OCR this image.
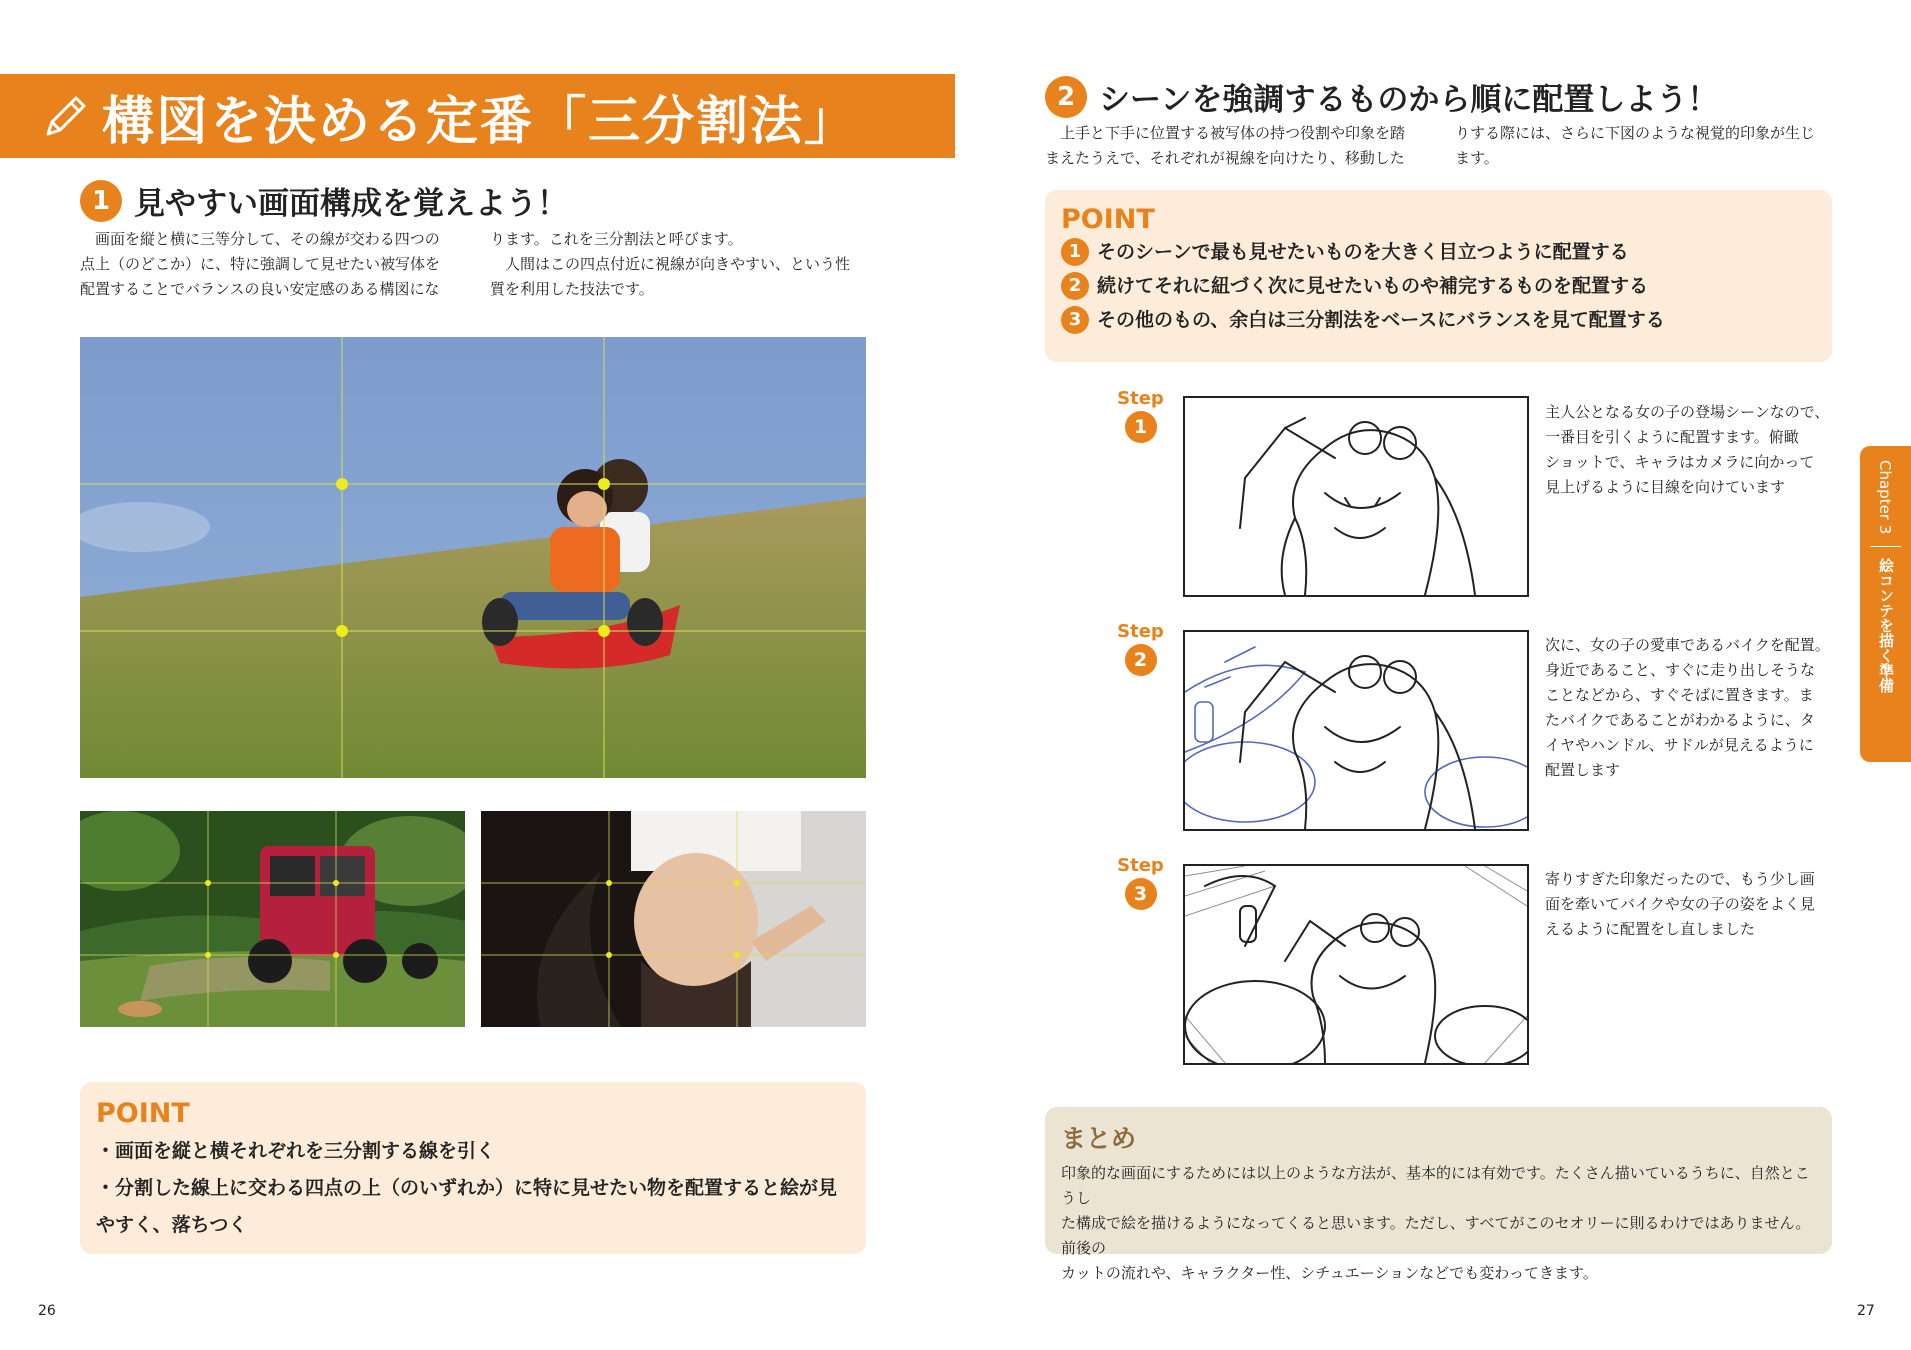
構図を決める定番「三分割法」
1 見やすい画面構成を覚えよう！
画面を縦と横に三等分して、その線が交わる四つの
点上（のどこか）に、特に強調して見せたい被写体を
配置することでバランスの良い安定感のある構図にな
ります。これを三分割法と呼びます。
人間はこの四点付近に視線が向きやすい、という性
質を利用した技法です。
POINT
・画面を縦と横それぞれを三分割する線を引く
・分割した線上に交わる四点の上（のいずれか）に特に見せたい物を配置すると絵が見
やすく、落ちつく
26
2 シーンを強調するものから順に配置しよう！
上手と下手に位置する被写体の持つ役割や印象を踏
まえたうえで、それぞれが視線を向けたり、移動した
りする際には、さらに下図のような視覚的印象が生じ
ます。
POINT
1 そのシーンで最も見せたいものを大きく目立つように配置する
2 続けてそれに紐づく次に見せたいものや補完するものを配置する
3 その他のもの、余白は三分割法をベースにバランスを見て配置する
Step
1
主人公となる女の子の登場シーンなので、
一番目を引くように配置すます。俯瞰
ショットで、キャラはカメラに向かって
見上げるように目線を向けています
Step
2
次に、女の子の愛車であるバイクを配置。
身近であること、すぐに走り出しそうな
ことなどから、すぐそばに置きます。ま
たバイクであることがわかるように、タ
イヤやハンドル、サドルが見えるように
配置します
Step
3
寄りすぎた印象だったので、もう少し画
面を牽いてバイクや女の子の姿をよく見
えるように配置をし直しました
まとめ
印象的な画面にするためには以上のような方法が、基本的には有効です。たくさん描いているうちに、自然とこうし
た構成で絵を描けるようになってくると思います。ただし、すべてがこのセオリーに則るわけではありません。前後の
カットの流れや、キャラクター性、シチュエーションなどでも変わってきます。
Chapter 3
絵コンテを描く準備
27
